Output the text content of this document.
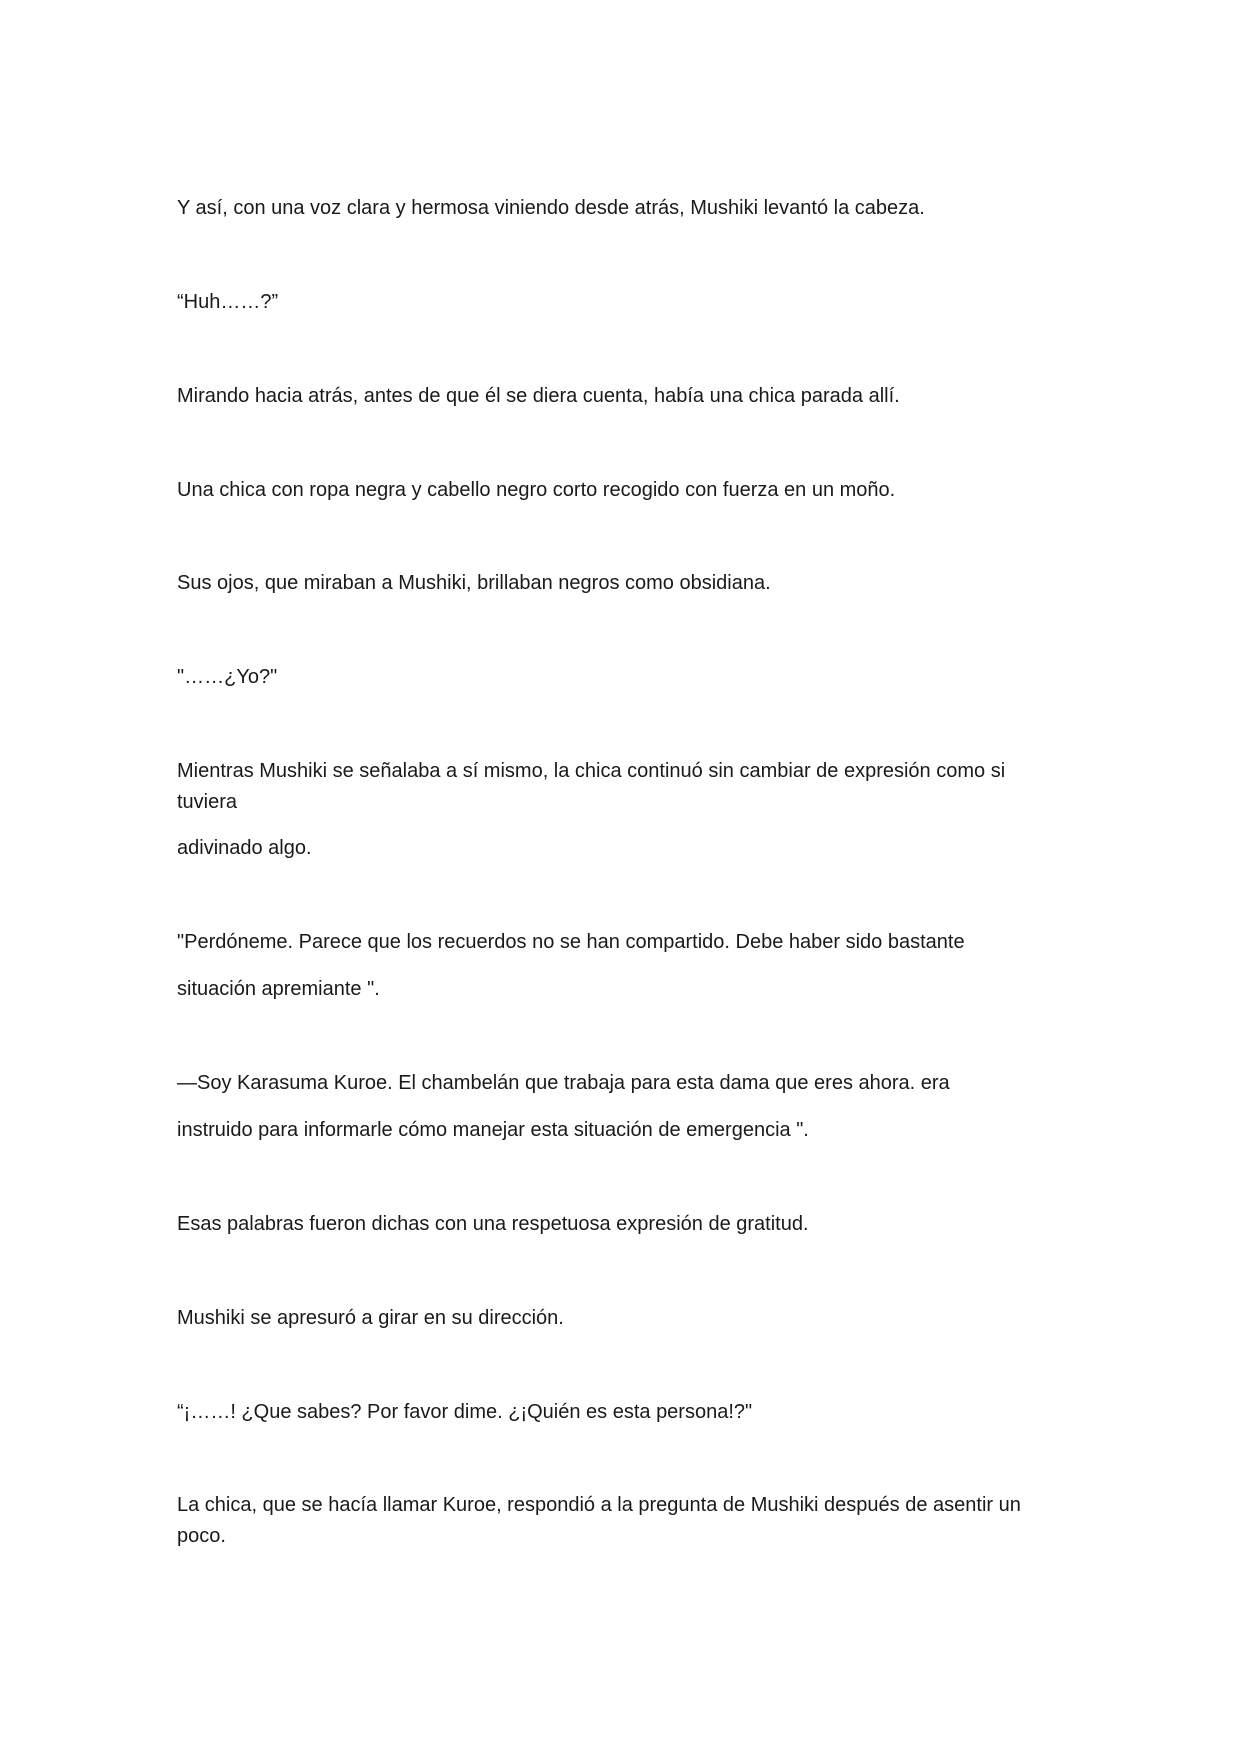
Y así, con una voz clara y hermosa viniendo desde atrás, Mushiki levantó la cabeza.

“Huh……?”

Mirando hacia atrás, antes de que él se diera cuenta, había una chica parada allí.

Una chica con ropa negra y cabello negro corto recogido con fuerza en un moño.

Sus ojos, que miraban a Mushiki, brillaban negros como obsidiana.

"……¿Yo?"

Mientras Mushiki se señalaba a sí mismo, la chica continuó sin cambiar de expresión como si

tuviera

adivinado algo.

"Perdóneme. Parece que los recuerdos no se han compartido. Debe haber sido bastante

situación apremiante ".

—Soy Karasuma Kuroe. El chambelán que trabaja para esta dama que eres ahora. era

instruido para informarle cómo manejar esta situación de emergencia ".

Esas palabras fueron dichas con una respetuosa expresión de gratitud.

Mushiki se apresuró a girar en su dirección.

“¡……! ¿Que sabes? Por favor dime. ¿¡Quién es esta persona!?"

La chica, que se hacía llamar Kuroe, respondió a la pregunta de Mushiki después de asentir un

poco.
